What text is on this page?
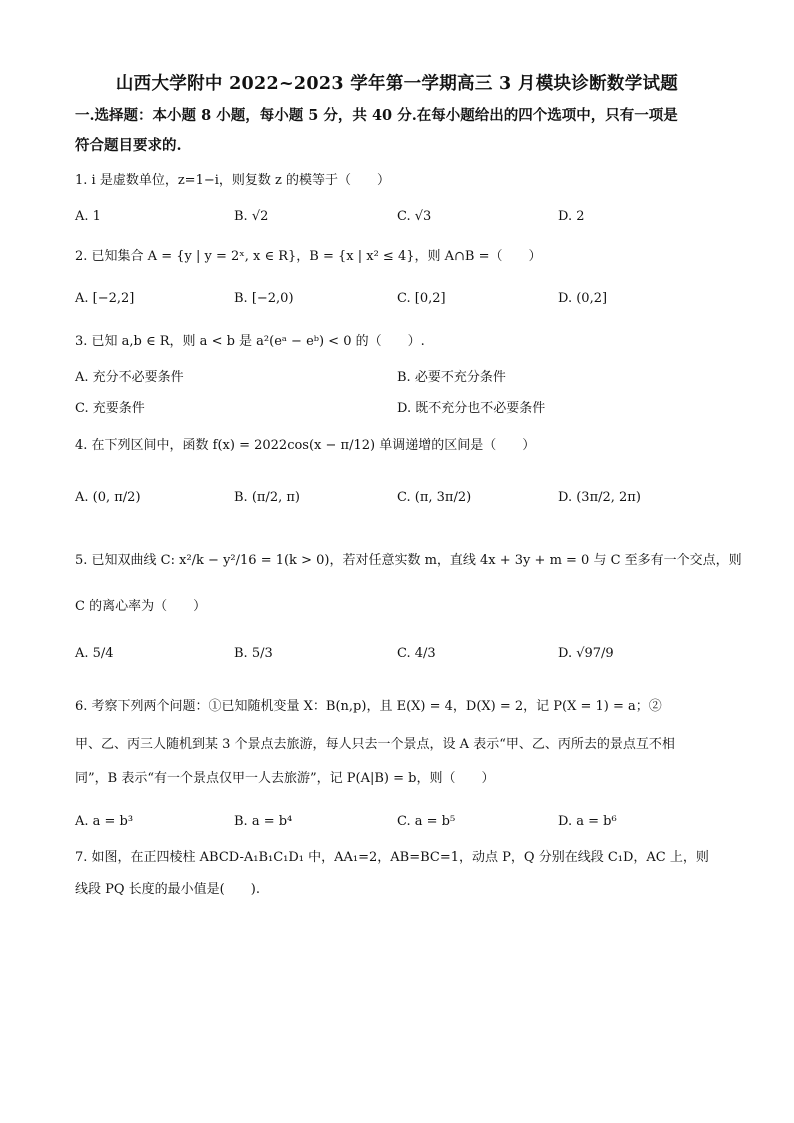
山西大学附中 2022~2023 学年第一学期高三 3 月模块诊断数学试题
一.选择题：本小题 8 小题，每小题 5 分，共 40 分.在每小题给出的四个选项中，只有一项是
符合题目要求的.
1. i 是虚数单位，z=1−i，则复数 z 的模等于（　　）
A. 1	B. √2	C. √3	D. 2
2. 已知集合 A = {y | y = 2ˣ, x ∈ R}，B = {x | x² ≤ 4}，则 A∩B =（　　）
A. [−2,2]	B. [−2,0)	C. [0,2]	D. (0,2]
3. 已知 a,b ∈ R，则 a < b 是 a²(eᵃ − eᵇ) < 0 的（　　）.
A. 充分不必要条件	B. 必要不充分条件
C. 充要条件	D. 既不充分也不必要条件
4. 在下列区间中，函数 f(x) = 2022cos(x − π/12) 单调递增的区间是（　　）
A. (0, π/2)	B. (π/2, π)	C. (π, 3π/2)	D. (3π/2, 2π)
5. 已知双曲线 C: x²/k − y²/16 = 1(k > 0)，若对任意实数 m，直线 4x + 3y + m = 0 与 C 至多有一个交点，则
C 的离心率为（　　）
A. 5/4	B. 5/3	C. 4/3	D. √97/9
6. 考察下列两个问题：①已知随机变量 X：B(n,p)，且 E(X) = 4，D(X) = 2，记 P(X = 1) = a；②
甲、乙、丙三人随机到某 3 个景点去旅游，每人只去一个景点，设 A 表示“甲、乙、丙所去的景点互不相
同”，B 表示“有一个景点仅甲一人去旅游”，记 P(A|B) = b，则（　　）
A. a = b³	B. a = b⁴	C. a = b⁵	D. a = b⁶
7. 如图，在正四棱柱 ABCD-A₁B₁C₁D₁ 中，AA₁=2，AB=BC=1，动点 P，Q 分别在线段 C₁D，AC 上，则
线段 PQ 长度的最小值是(　　).
